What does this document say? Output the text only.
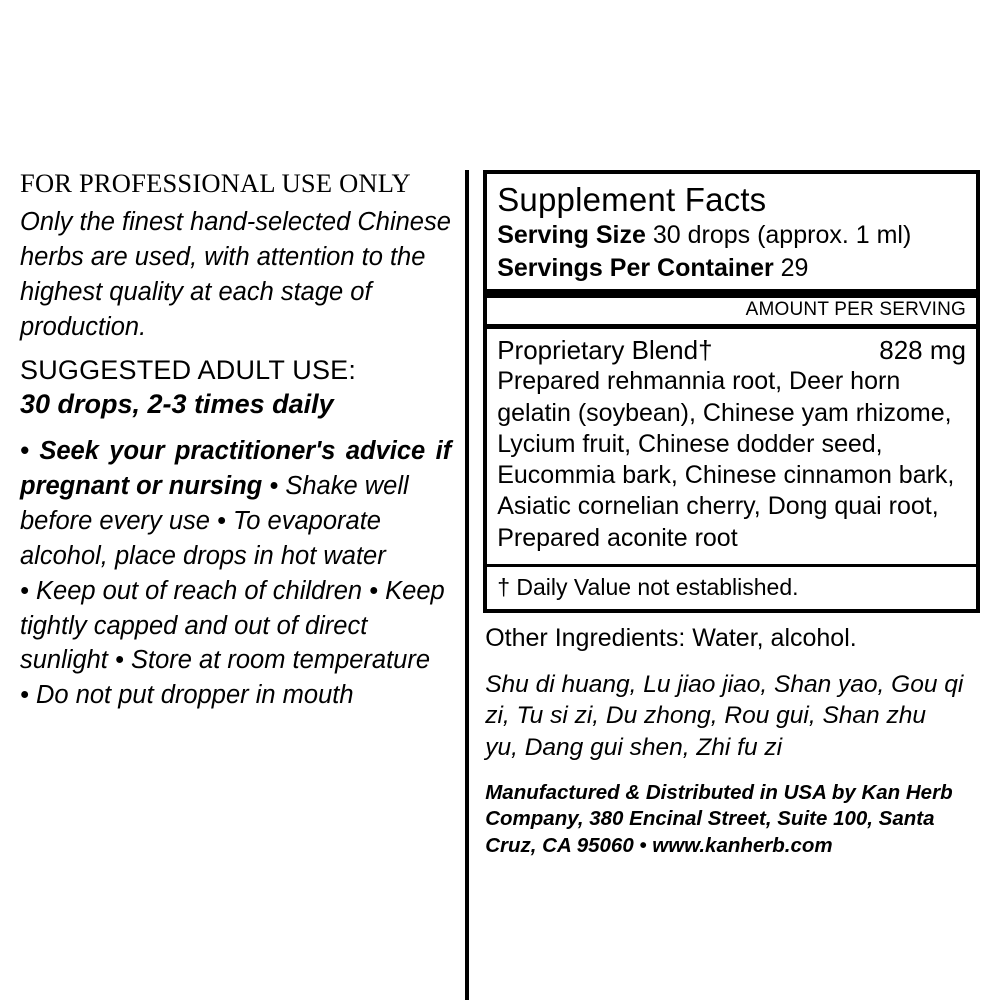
FOR PROFESSIONAL USE ONLY
Only the finest hand-selected Chinese
herbs are used, with attention to the
highest quality at each stage of
production.
SUGGESTED ADULT USE:
30 drops, 2-3 times daily
• Seek your practitioner's advice if pregnant or nursing • Shake well
before every use • To evaporate
alcohol, place drops in hot water
• Keep out of reach of children • Keep
tightly capped and out of direct
sunlight • Store at room temperature
• Do not put dropper in mouth
Supplement Facts
Serving Size 30 drops (approx. 1 ml)
Servings Per Container 29
AMOUNT PER SERVING
Proprietary Blend†	828 mg
Prepared rehmannia root, Deer horn
gelatin (soybean), Chinese yam rhizome,
Lycium fruit, Chinese dodder seed,
Eucommia bark, Chinese cinnamon bark,
Asiatic cornelian cherry, Dong quai root,
Prepared aconite root
† Daily Value not established.
Other Ingredients: Water, alcohol.
Shu di huang, Lu jiao jiao, Shan yao, Gou qi
zi, Tu si zi, Du zhong, Rou gui, Shan zhu
yu, Dang gui shen, Zhi fu zi
Manufactured & Distributed in USA by Kan Herb
Company, 380 Encinal Street, Suite 100, Santa
Cruz, CA 95060 • www.kanherb.com
